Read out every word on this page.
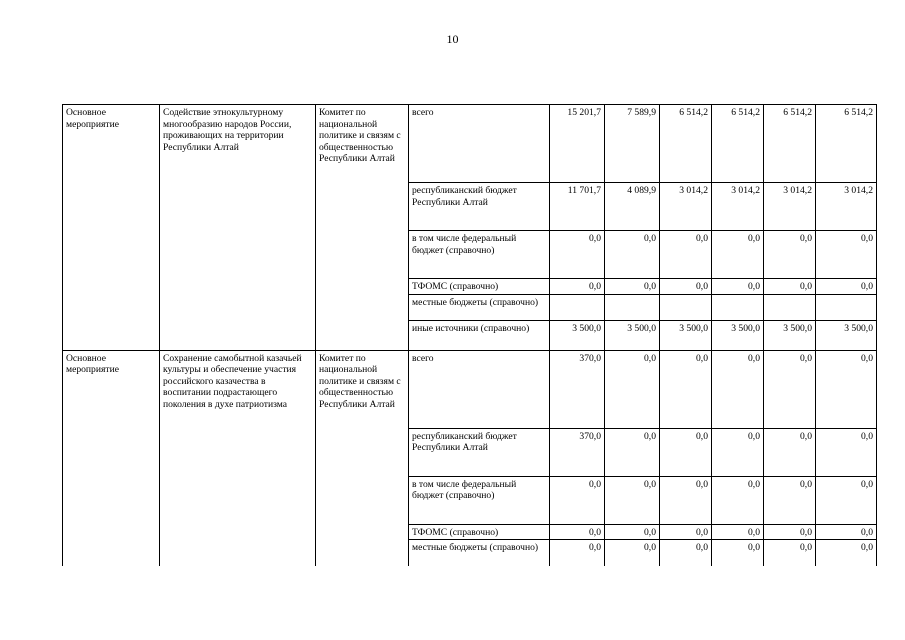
10
Основное мероприятие	Содействие этнокультурному многообразию народов России, проживающих на территории Республики Алтай	Комитет по национальной политике и связям с общественностью Республики Алтай	всего	15 201,7	7 589,9	6 514,2	6 514,2	6 514,2	6 514,2
			республиканский бюджет Республики Алтай	11 701,7	4 089,9	3 014,2	3 014,2	3 014,2	3 014,2
			в том числе федеральный бюджет (справочно)	0,0	0,0	0,0	0,0	0,0	0,0
			ТФОМС (справочно)	0,0	0,0	0,0	0,0	0,0	0,0
			местные бюджеты (справочно)						
			иные источники (справочно)	3 500,0	3 500,0	3 500,0	3 500,0	3 500,0	3 500,0
Основное мероприятие	Сохранение самобытной казачьей культуры и обеспечение участия российского казачества в воспитании подрастающего поколения в духе патриотизма	Комитет по национальной политике и связям с общественностью Республики Алтай	всего	370,0	0,0	0,0	0,0	0,0	0,0
			республиканский бюджет Республики Алтай	370,0	0,0	0,0	0,0	0,0	0,0
			в том числе федеральный бюджет (справочно)	0,0	0,0	0,0	0,0	0,0	0,0
			ТФОМС (справочно)	0,0	0,0	0,0	0,0	0,0	0,0
			местные бюджеты (справочно)	0,0	0,0	0,0	0,0	0,0	0,0
